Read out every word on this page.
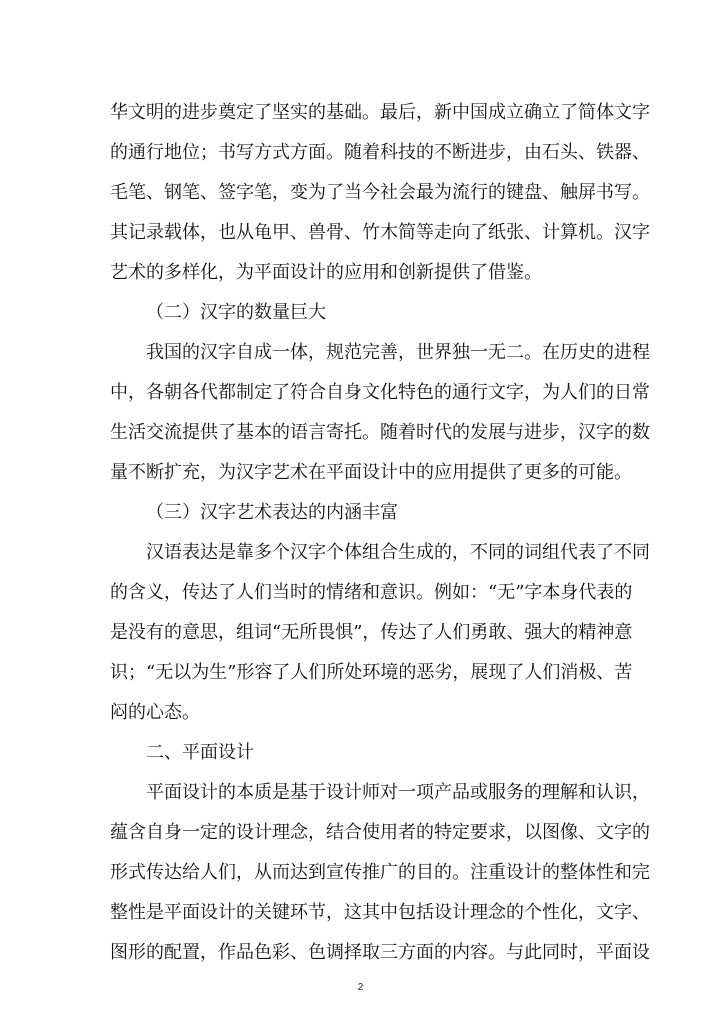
华文明的进步奠定了坚实的基础。最后，新中国成立确立了简体文字
的通行地位；书写方式方面。随着科技的不断进步，由石头、铁器、
毛笔、钢笔、签字笔，变为了当今社会最为流行的键盘、触屏书写。
其记录载体，也从龟甲、兽骨、竹木简等走向了纸张、计算机。汉字
艺术的多样化，为平面设计的应用和创新提供了借鉴。
（二）汉字的数量巨大
我国的汉字自成一体，规范完善，世界独一无二。在历史的进程
中，各朝各代都制定了符合自身文化特色的通行文字，为人们的日常
生活交流提供了基本的语言寄托。随着时代的发展与进步，汉字的数
量不断扩充，为汉字艺术在平面设计中的应用提供了更多的可能。
（三）汉字艺术表达的内涵丰富
汉语表达是靠多个汉字个体组合生成的，不同的词组代表了不同
的含义，传达了人们当时的情绪和意识。例如：“无”字本身代表的
是没有的意思，组词“无所畏惧”，传达了人们勇敢、强大的精神意
识；“无以为生”形容了人们所处环境的恶劣，展现了人们消极、苦
闷的心态。
二、平面设计
平面设计的本质是基于设计师对一项产品或服务的理解和认识，
蕴含自身一定的设计理念，结合使用者的特定要求，以图像、文字的
形式传达给人们，从而达到宣传推广的目的。注重设计的整体性和完
整性是平面设计的关键环节，这其中包括设计理念的个性化，文字、
图形的配置，作品色彩、色调择取三方面的内容。与此同时，平面设
2
